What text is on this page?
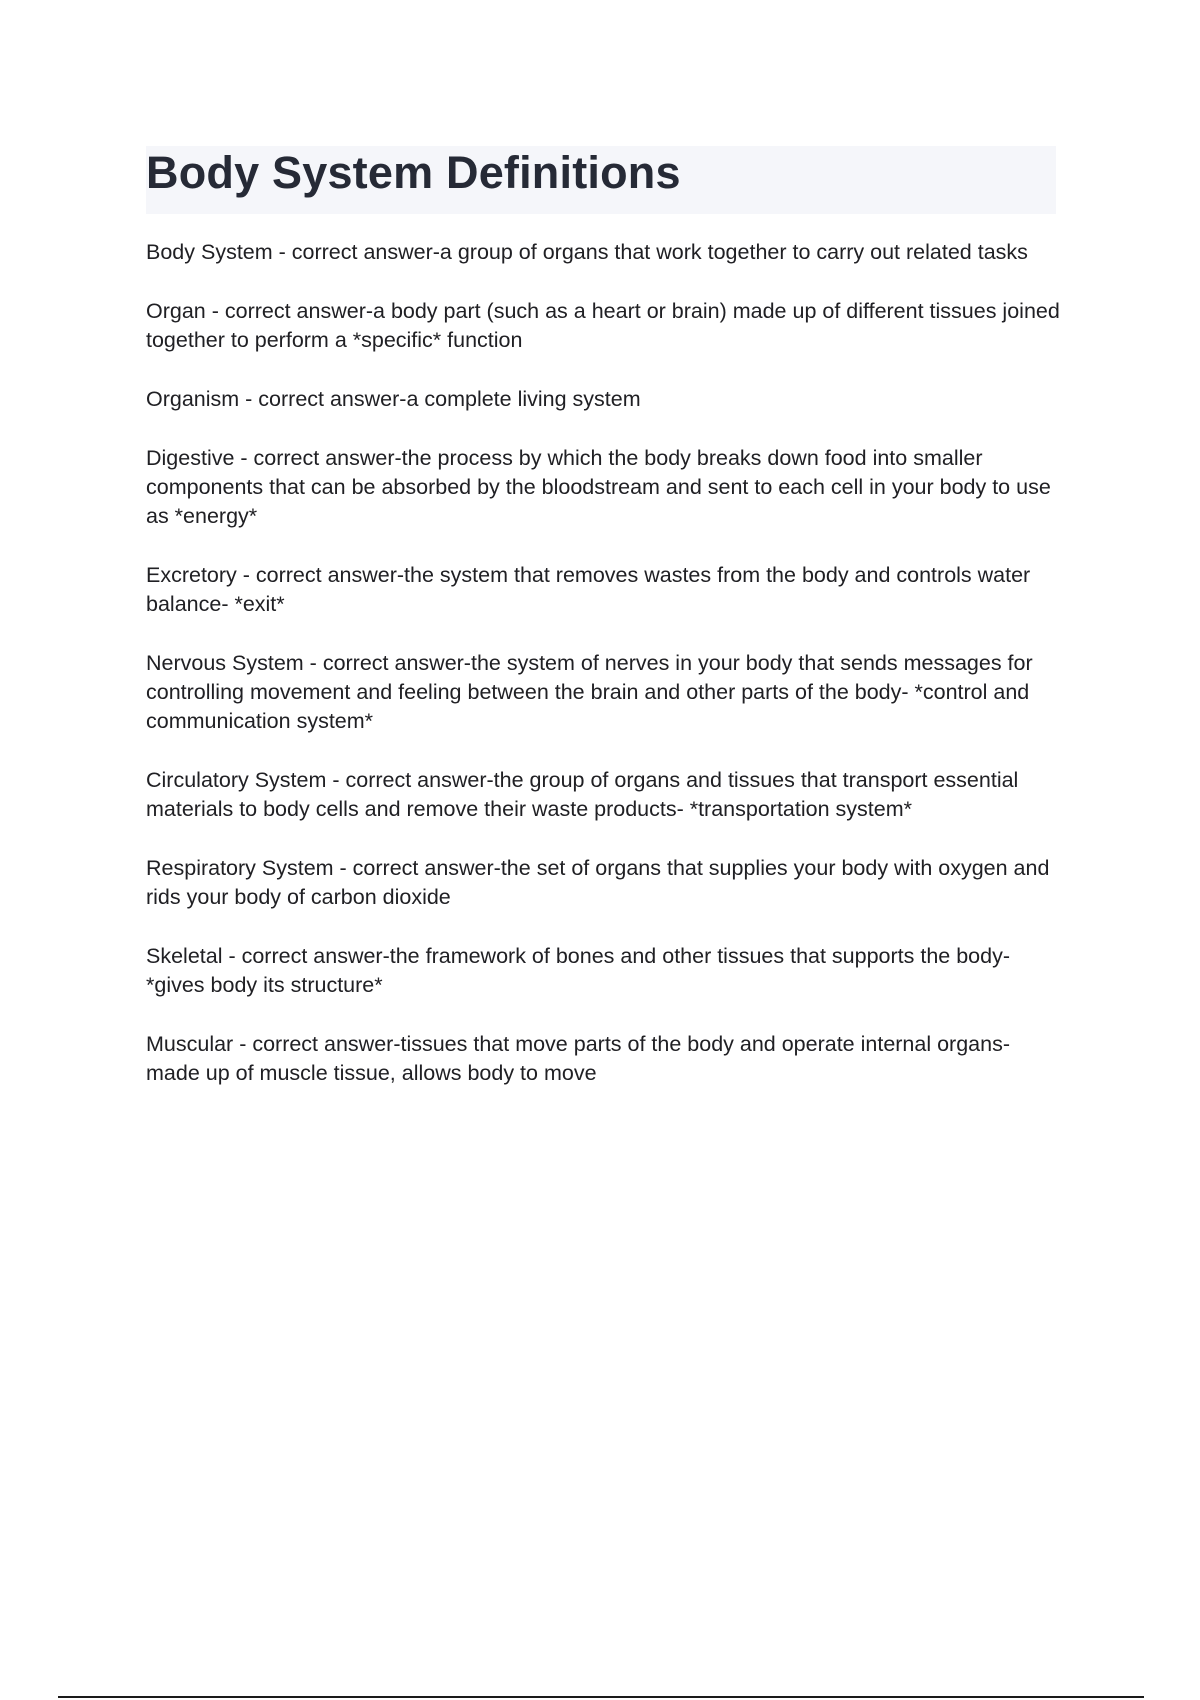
Body System Definitions

Body System - correct answer-a group of organs that work together to carry out related tasks

Organ - correct answer-a body part (such as a heart or brain) made up of different tissues joined together to perform a *specific* function

Organism - correct answer-a complete living system

Digestive - correct answer-the process by which the body breaks down food into smaller components that can be absorbed by the bloodstream and sent to each cell in your body to use as *energy*

Excretory - correct answer-the system that removes wastes from the body and controls water balance- *exit*

Nervous System - correct answer-the system of nerves in your body that sends messages for controlling movement and feeling between the brain and other parts of the body- *control and communication system*

Circulatory System - correct answer-the group of organs and tissues that transport essential materials to body cells and remove their waste products- *transportation system*

Respiratory System - correct answer-the set of organs that supplies your body with oxygen and rids your body of carbon dioxide

Skeletal - correct answer-the framework of bones and other tissues that supports the body- *gives body its structure*

Muscular - correct answer-tissues that move parts of the body and operate internal organs-made up of muscle tissue, allows body to move
